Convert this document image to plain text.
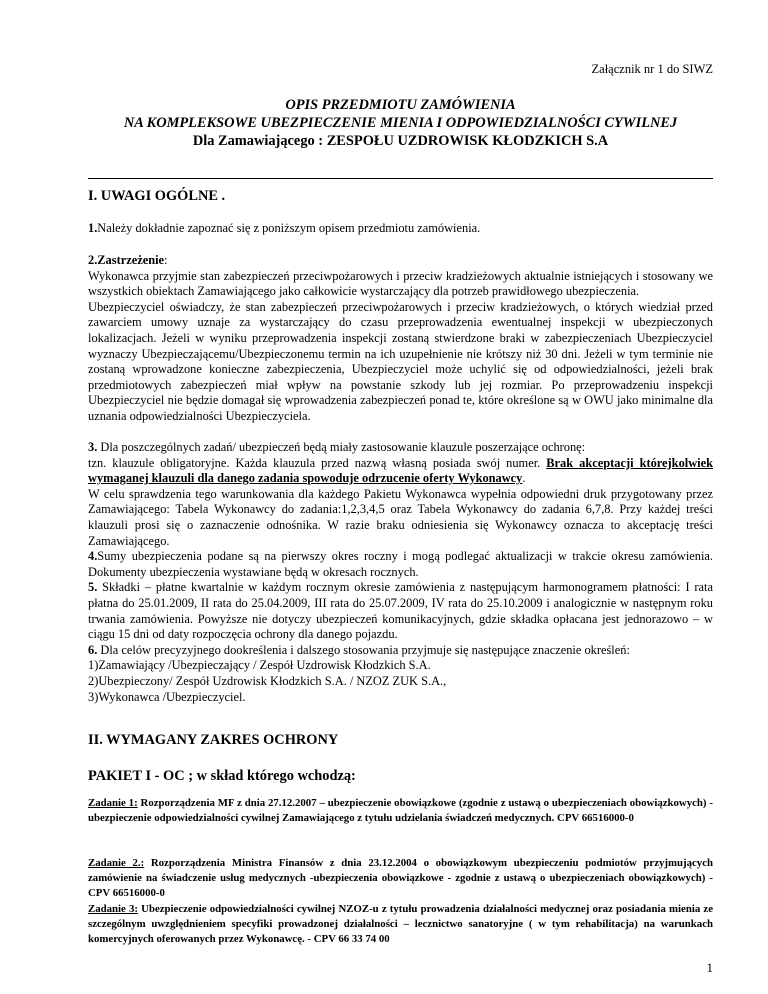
Załącznik nr 1 do SIWZ
OPIS PRZEDMIOTU ZAMÓWIENIA
NA KOMPLEKSOWE UBEZPIECZENIE MIENIA I ODPOWIEDZIALNOŚCI CYWILNEJ
Dla Zamawiającego : ZESPOŁU UZDROWISK KŁODZKICH S.A
I. UWAGI OGÓLNE .
1.Należy dokładnie zapoznać się z poniższym opisem przedmiotu zamówienia.
2.Zastrzeżenie:
Wykonawca przyjmie stan zabezpieczeń przeciwpożarowych i przeciw kradzieżowych aktualnie istniejących i stosowany we wszystkich obiektach Zamawiającego jako całkowicie wystarczający dla potrzeb prawidłowego ubezpieczenia.
Ubezpieczyciel oświadczy, że stan zabezpieczeń przeciwpożarowych i przeciw kradzieżowych, o których wiedział przed zawarciem umowy uznaje za wystarczający do czasu przeprowadzenia ewentualnej inspekcji w ubezpieczonych lokalizacjach. Jeżeli w wyniku przeprowadzenia inspekcji zostaną stwierdzone braki w zabezpieczeniach Ubezpieczyciel wyznaczy Ubezpieczającemu/Ubezpieczonemu termin na ich uzupełnienie nie krótszy niż 30 dni. Jeżeli w tym terminie nie zostaną wprowadzone konieczne zabezpieczenia, Ubezpieczyciel może uchylić się od odpowiedzialności, jeżeli brak przedmiotowych zabezpieczeń miał wpływ na powstanie szkody lub jej rozmiar. Po przeprowadzeniu inspekcji Ubezpieczyciel nie będzie domagał się wprowadzenia zabezpieczeń ponad te, które określone są w OWU jako minimalne dla uznania odpowiedzialności Ubezpieczyciela.
3. Dla poszczególnych zadań/ ubezpieczeń będą miały zastosowanie klauzule poszerzające ochronę:
tzn. klauzule obligatoryjne. Każda klauzula przed nazwą własną posiada swój numer. Brak akceptacji którejkolwiek wymaganej klauzuli dla danego zadania spowoduje odrzucenie oferty Wykonawcy.
W celu sprawdzenia tego warunkowania dla każdego Pakietu Wykonawca wypełnia odpowiedni druk przygotowany przez Zamawiającego: Tabela Wykonawcy do zadania:1,2,3,4,5 oraz Tabela Wykonawcy do zadania 6,7,8. Przy każdej treści klauzuli prosi się o zaznaczenie odnośnika. W razie braku odniesienia się Wykonawcy oznacza to akceptację treści Zamawiającego.
4.Sumy ubezpieczenia podane są na pierwszy okres roczny i mogą podlegać aktualizacji w trakcie okresu zamówienia. Dokumenty ubezpieczenia wystawiane będą w okresach rocznych.
5. Składki – płatne kwartalnie w każdym rocznym okresie zamówienia z następującym harmonogramem płatności: I rata płatna do 25.01.2009, II rata do 25.04.2009, III rata do 25.07.2009, IV rata do 25.10.2009 i analogicznie w następnym roku trwania zamówienia. Powyższe nie dotyczy ubezpieczeń komunikacyjnych, gdzie składka opłacana jest jednorazowo – w ciągu 15 dni od daty rozpoczęcia ochrony dla danego pojazdu.
6. Dla celów precyzyjnego dookreślenia i dalszego stosowania przyjmuje się następujące znaczenie określeń:
1)Zamawiający /Ubezpieczający / Zespół Uzdrowisk Kłodzkich S.A.
2)Ubezpieczony/ Zespół Uzdrowisk Kłodzkich S.A. / NZOZ ZUK S.A.,
3)Wykonawca /Ubezpieczyciel.
II. WYMAGANY ZAKRES OCHRONY
PAKIET I - OC ; w skład którego wchodzą:
Zadanie 1: Rozporządzenia MF z dnia 27.12.2007 – ubezpieczenie obowiązkowe (zgodnie z ustawą o ubezpieczeniach obowiązkowych) -ubezpieczenie odpowiedzialności cywilnej Zamawiającego z tytułu udzielania świadczeń medycznych. CPV 66516000-0
Zadanie 2.: Rozporządzenia Ministra Finansów z dnia 23.12.2004 o obowiązkowym ubezpieczeniu podmiotów przyjmujących zamówienie na świadczenie usług medycznych -ubezpieczenia obowiązkowe - zgodnie z ustawą o ubezpieczeniach obowiązkowych) - CPV 66516000-0
Zadanie 3: Ubezpieczenie odpowiedzialności cywilnej NZOZ-u z tytułu prowadzenia działalności medycznej oraz posiadania mienia ze szczególnym uwzględnieniem specyfiki prowadzonej działalności – lecznictwo sanatoryjne ( w tym rehabilitacja) na warunkach komercyjnych oferowanych przez Wykonawcę. - CPV 66 33 74 00
1
